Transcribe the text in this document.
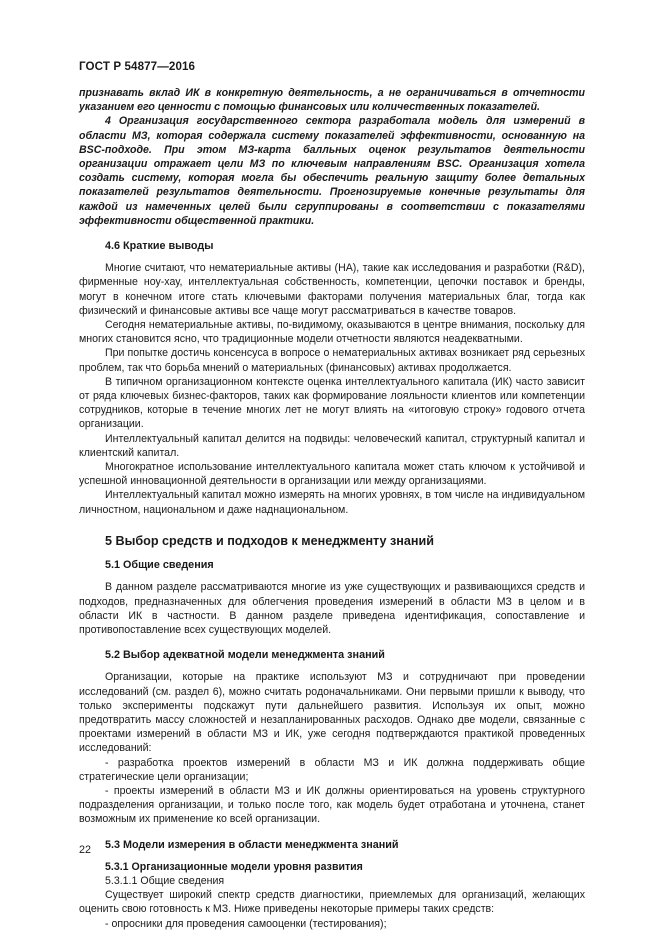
ГОСТ Р 54877—2016

признавать вклад ИК в конкретную деятельность, а не ограничиваться в отчетности указанием его ценности с помощью финансовых или количественных показателей.

4 Организация государственного сектора разработала модель для измерений в области МЗ, которая содержала систему показателей эффективности, основанную на BSC-подходе. При этом МЗ-карта балльных оценок результатов деятельности организации отражает цели МЗ по ключевым направлениям BSC. Организация хотела создать систему, которая могла бы обеспечить реальную защиту более детальных показателей результатов деятельности. Прогнозируемые конечные результаты для каждой из намеченных целей были сгруппированы в соответствии с показателями эффективности общественной практики.

4.6 Краткие выводы

Многие считают, что нематериальные активы (НА), такие как исследования и разработки (R&D), фирменные ноу-хау, интеллектуальная собственность, компетенции, цепочки поставок и бренды, могут в конечном итоге стать ключевыми факторами получения материальных благ, тогда как физический и финансовые активы все чаще могут рассматриваться в качестве товаров.

Сегодня нематериальные активы, по-видимому, оказываются в центре внимания, поскольку для многих становится ясно, что традиционные модели отчетности являются неадекватными.

При попытке достичь консенсуса в вопросе о нематериальных активах возникает ряд серьезных проблем, так что борьба мнений о материальных (финансовых) активах продолжается.

В типичном организационном контексте оценка интеллектуального капитала (ИК) часто зависит от ряда ключевых бизнес-факторов, таких как формирование лояльности клиентов или компетенции сотрудников, которые в течение многих лет не могут влиять на «итоговую строку» годового отчета организации.

Интеллектуальный капитал делится на подвиды: человеческий капитал, структурный капитал и клиентский капитал.

Многократное использование интеллектуального капитала может стать ключом к устойчивой и успешной инновационной деятельности в организации или между организациями.

Интеллектуальный капитал можно измерять на многих уровнях, в том числе на индивидуальном личностном, национальном и даже наднациональном.

5 Выбор средств и подходов к менеджменту знаний
5.1 Общие сведения

В данном разделе рассматриваются многие из уже существующих и развивающихся средств и подходов, предназначенных для облегчения проведения измерений в области МЗ в целом и в области ИК в частности. В данном разделе приведена идентификация, сопоставление и противопоставление всех существующих моделей.

5.2 Выбор адекватной модели менеджмента знаний

Организации, которые на практике используют МЗ и сотрудничают при проведении исследований (см. раздел 6), можно считать родоначальниками. Они первыми пришли к выводу, что только эксперименты подскажут пути дальнейшего развития. Используя их опыт, можно предотвратить массу сложностей и незапланированных расходов. Однако две модели, связанные с проектами измерений в области МЗ и ИК, уже сегодня подтверждаются практикой проведенных исследований:

- разработка проектов измерений в области МЗ и ИК должна поддерживать общие стратегические цели организации;

- проекты измерений в области МЗ и ИК должны ориентироваться на уровень структурного подразделения организации, и только после того, как модель будет отработана и уточнена, станет возможным их применение ко всей организации.

5.3 Модели измерения в области менеджмента знаний
5.3.1 Организационные модели уровня развития
5.3.1.1 Общие сведения

Существует широкий спектр средств диагностики, приемлемых для организаций, желающих оценить свою готовность к МЗ. Ниже приведены некоторые примеры таких средств:

- опросники для проведения самооценки (тестирования);

22
